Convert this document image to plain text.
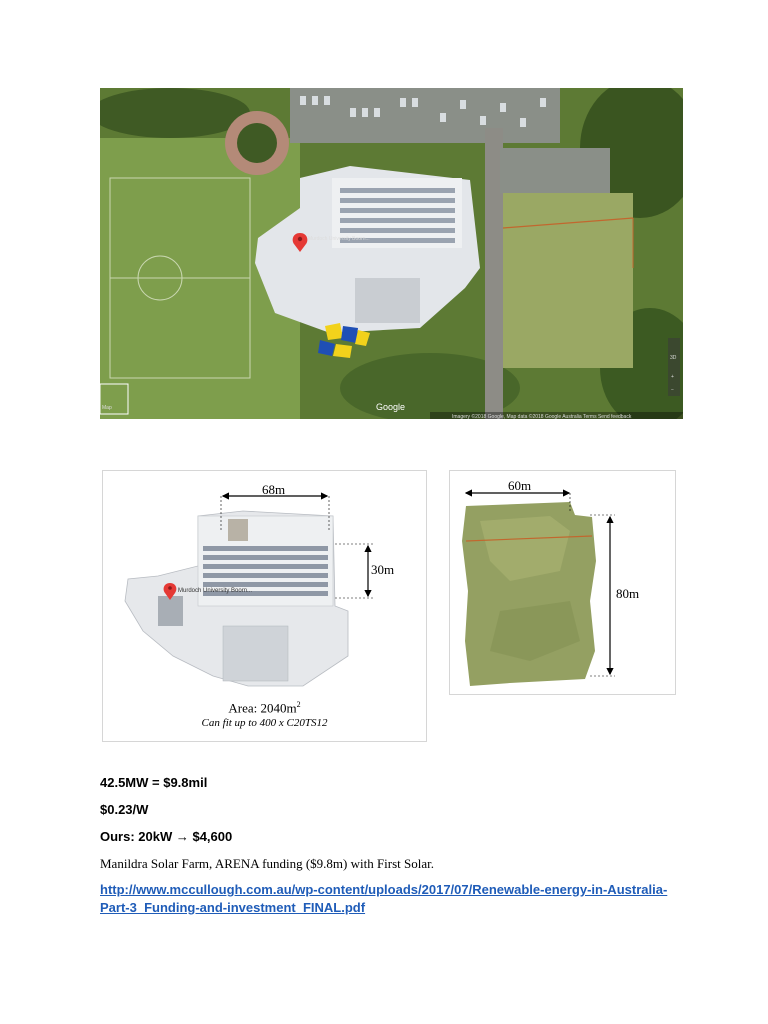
Murdoch University Boorn...
Map
3D
+
−
Google
Imagery ©2018 Google, Map data ©2018 Google Australia Terms Send feedback
Murdoch University Boorn...
68m
30m
Area: $2040m^2$
Can fit up to 400 x C20TS12
60m
80m
42.5MW = $9.8mil
$0.23/W
Ours: 20kW → $4,600
Manildra Solar Farm, ARENA funding ($9.8m) with First Solar.
http://www.mccullough.com.au/wp-content/uploads/2017/07/Renewable-energy-in-Australia-
Part-3_Funding-and-investment_FINAL.pdf
